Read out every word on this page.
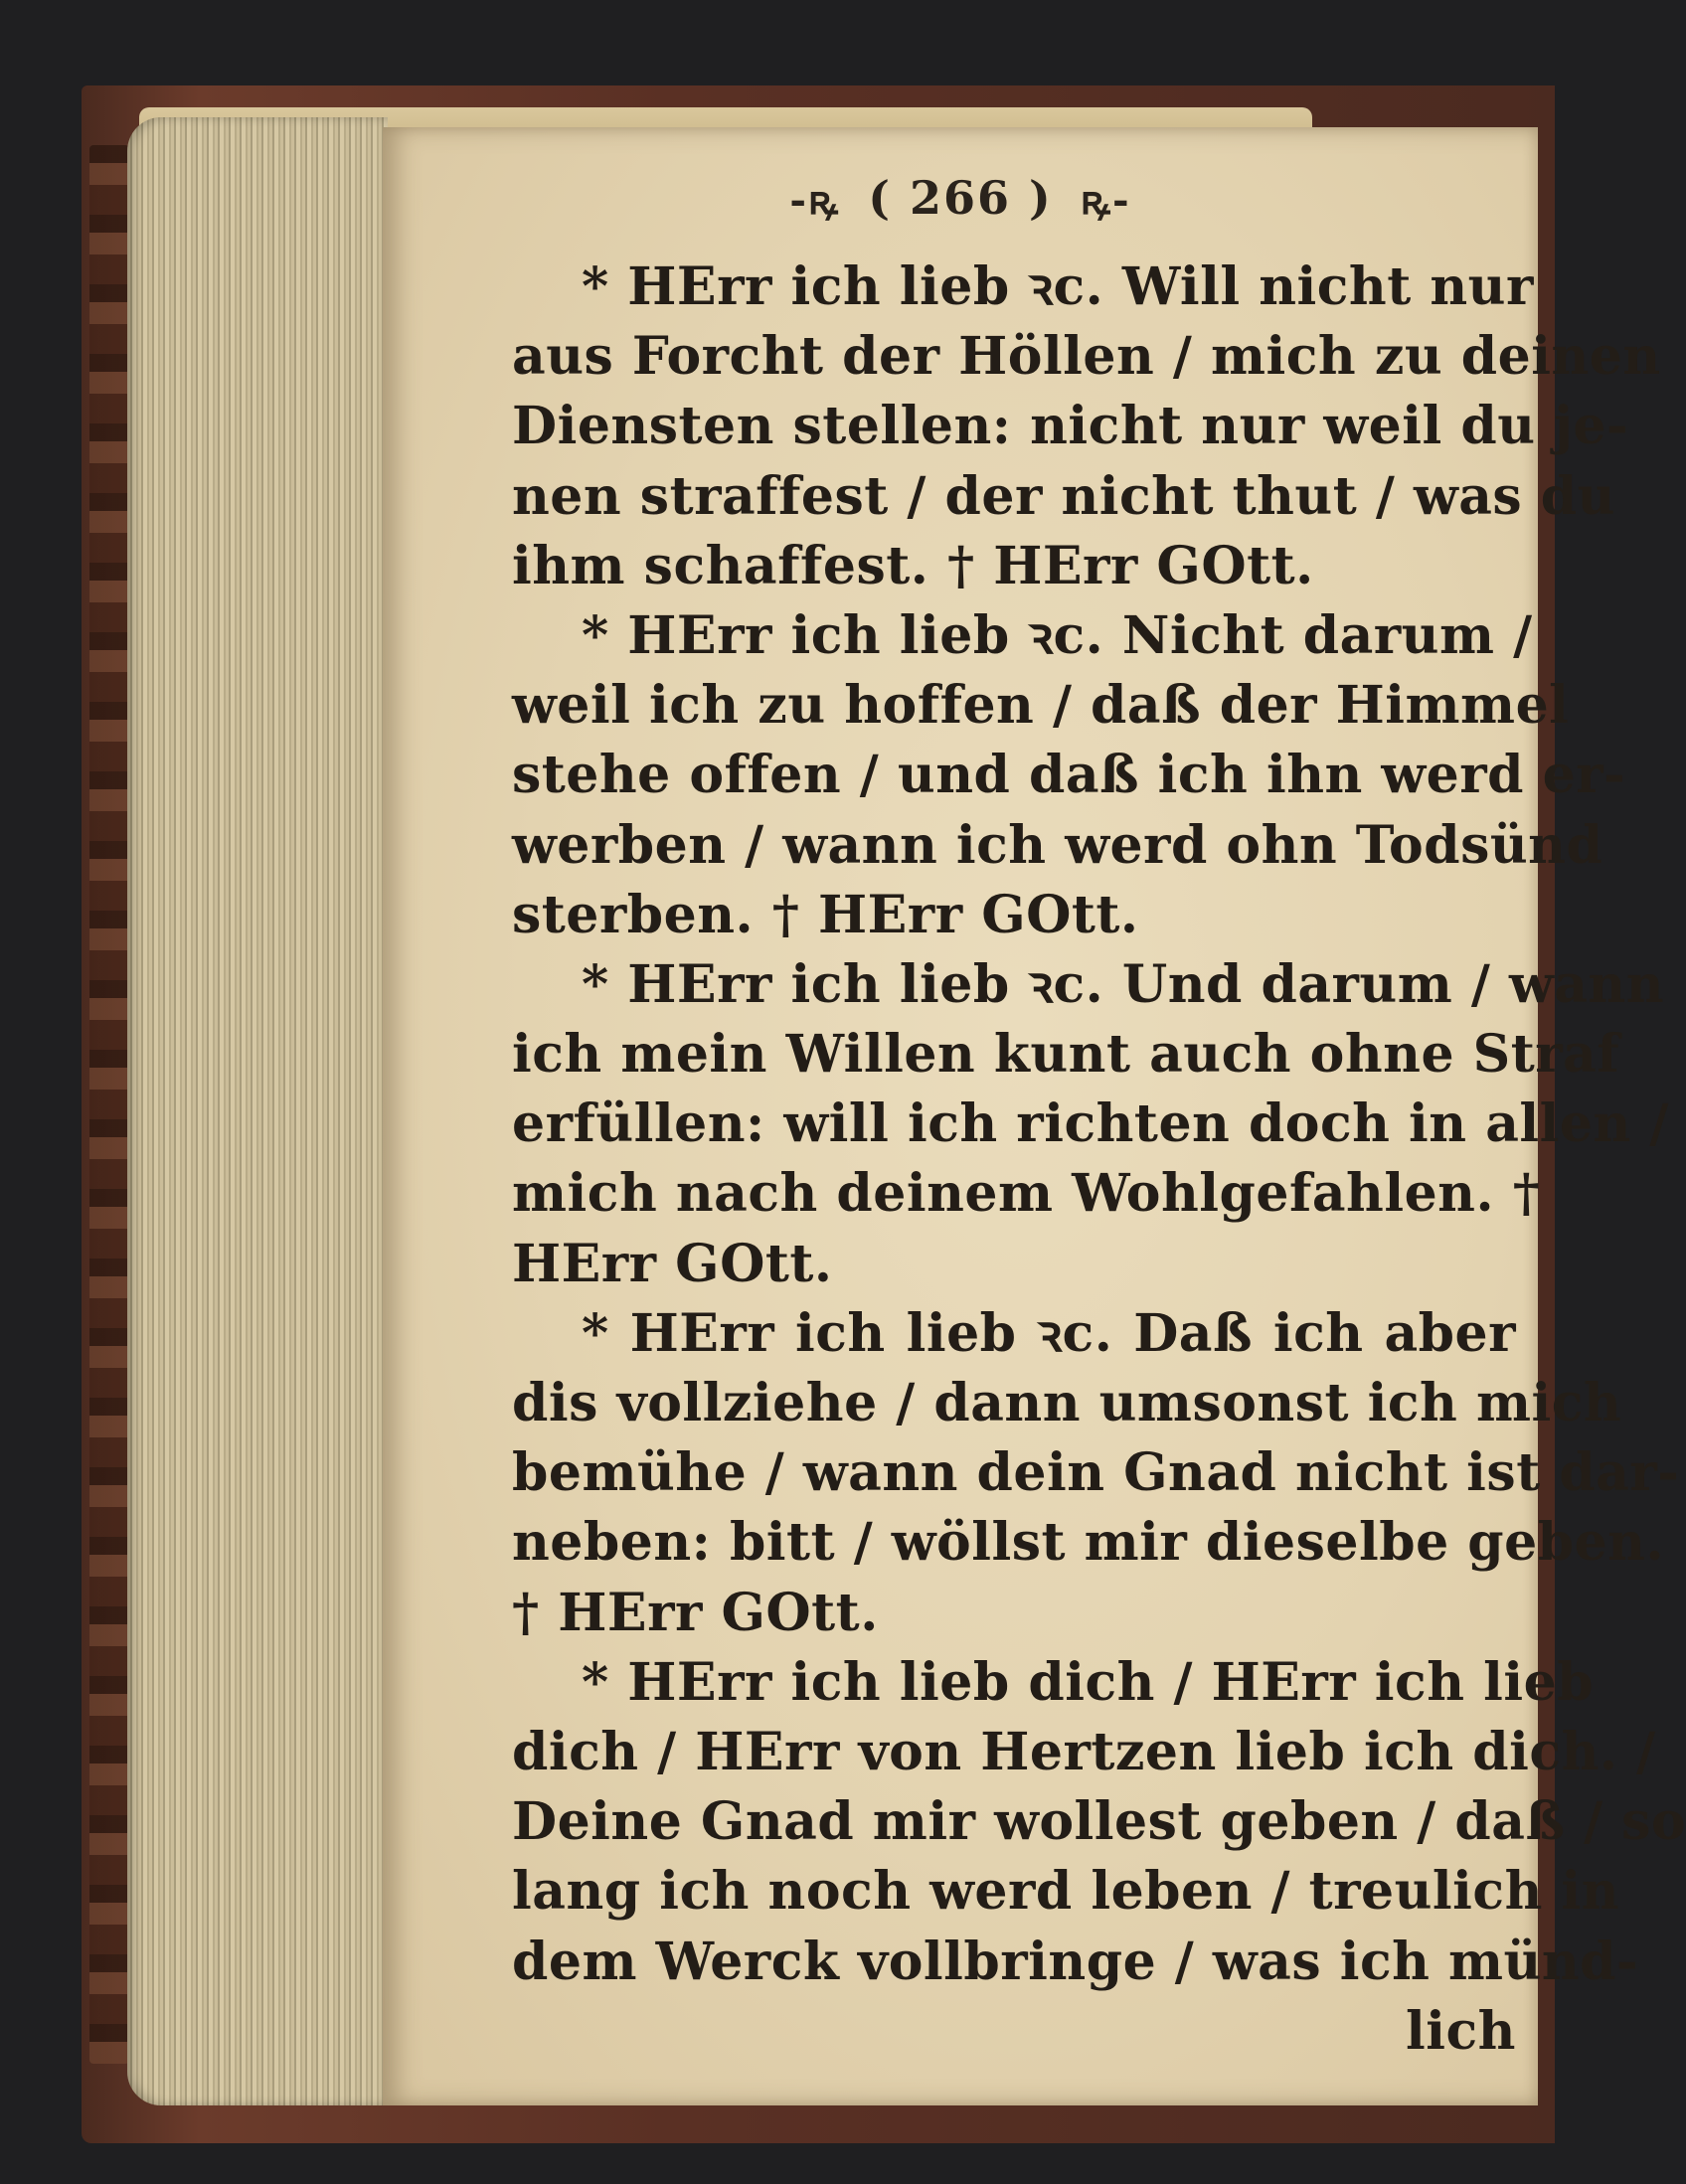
-ꝶ ( 266 ) ꝶ-
* HErr ich lieb ꝛc. Will nicht nur
aus Forcht der Höllen / mich zu deinen
Diensten stellen: nicht nur weil du je-
nen straffest / der nicht thut / was du
ihm schaffest. † HErr GOtt.
* HErr ich lieb ꝛc. Nicht darum /
weil ich zu hoffen / daß der Himmel
stehe offen / und daß ich ihn werd er-
werben / wann ich werd ohn Todsünd
sterben. † HErr GOtt.
* HErr ich lieb ꝛc. Und darum / wann
ich mein Willen kunt auch ohne Straf
erfüllen: will ich richten doch in allen /
mich nach deinem Wohlgefahlen. †
HErr GOtt.
* HErr ich lieb ꝛc. Daß ich aber
dis vollziehe / dann umsonst ich mich
bemühe / wann dein Gnad nicht ist dar-
neben: bitt / wöllst mir dieselbe geben.
† HErr GOtt.
* HErr ich lieb dich / HErr ich lieb
dich / HErr von Hertzen lieb ich dich. /
Deine Gnad mir wollest geben / daß / so
lang ich noch werd leben / treulich in
dem Werck vollbringe / was ich münd-
lich
